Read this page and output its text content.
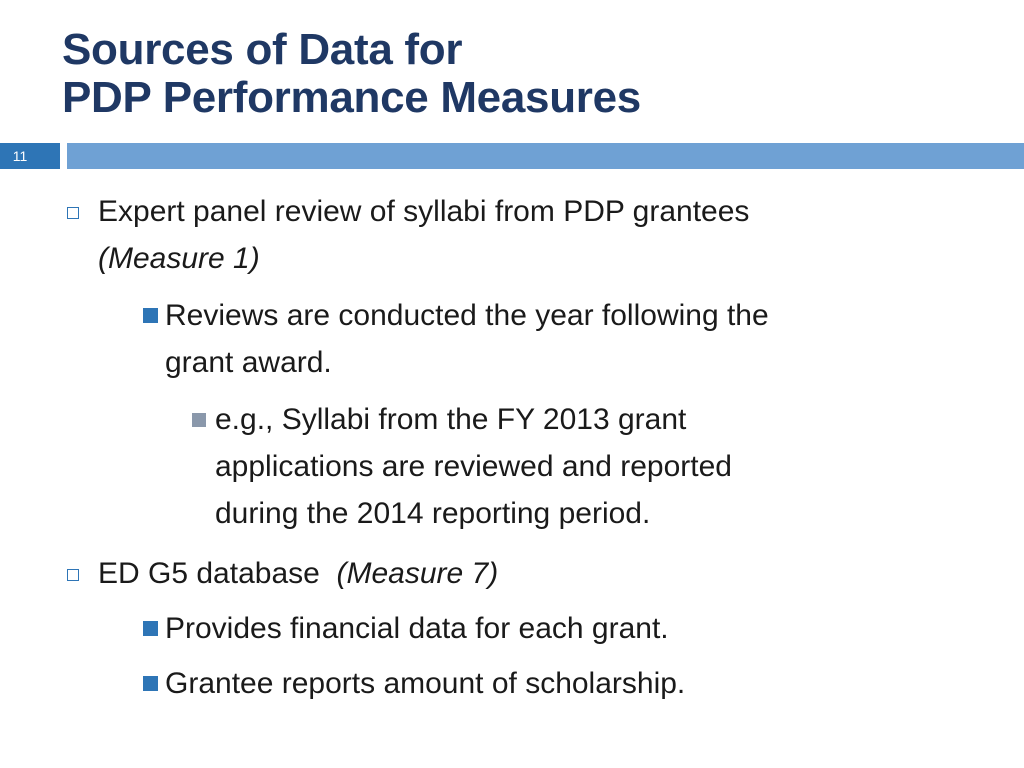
Sources of Data for
PDP Performance Measures
11

Expert panel review of syllabi from PDP grantees
(Measure 1)

Reviews are conducted the year following the
grant award.

e.g., Syllabi from the FY 2013 grant
applications are reviewed and reported
during the 2014 reporting period.

ED G5 database (Measure 7)

Provides financial data for each grant.

Grantee reports amount of scholarship.
